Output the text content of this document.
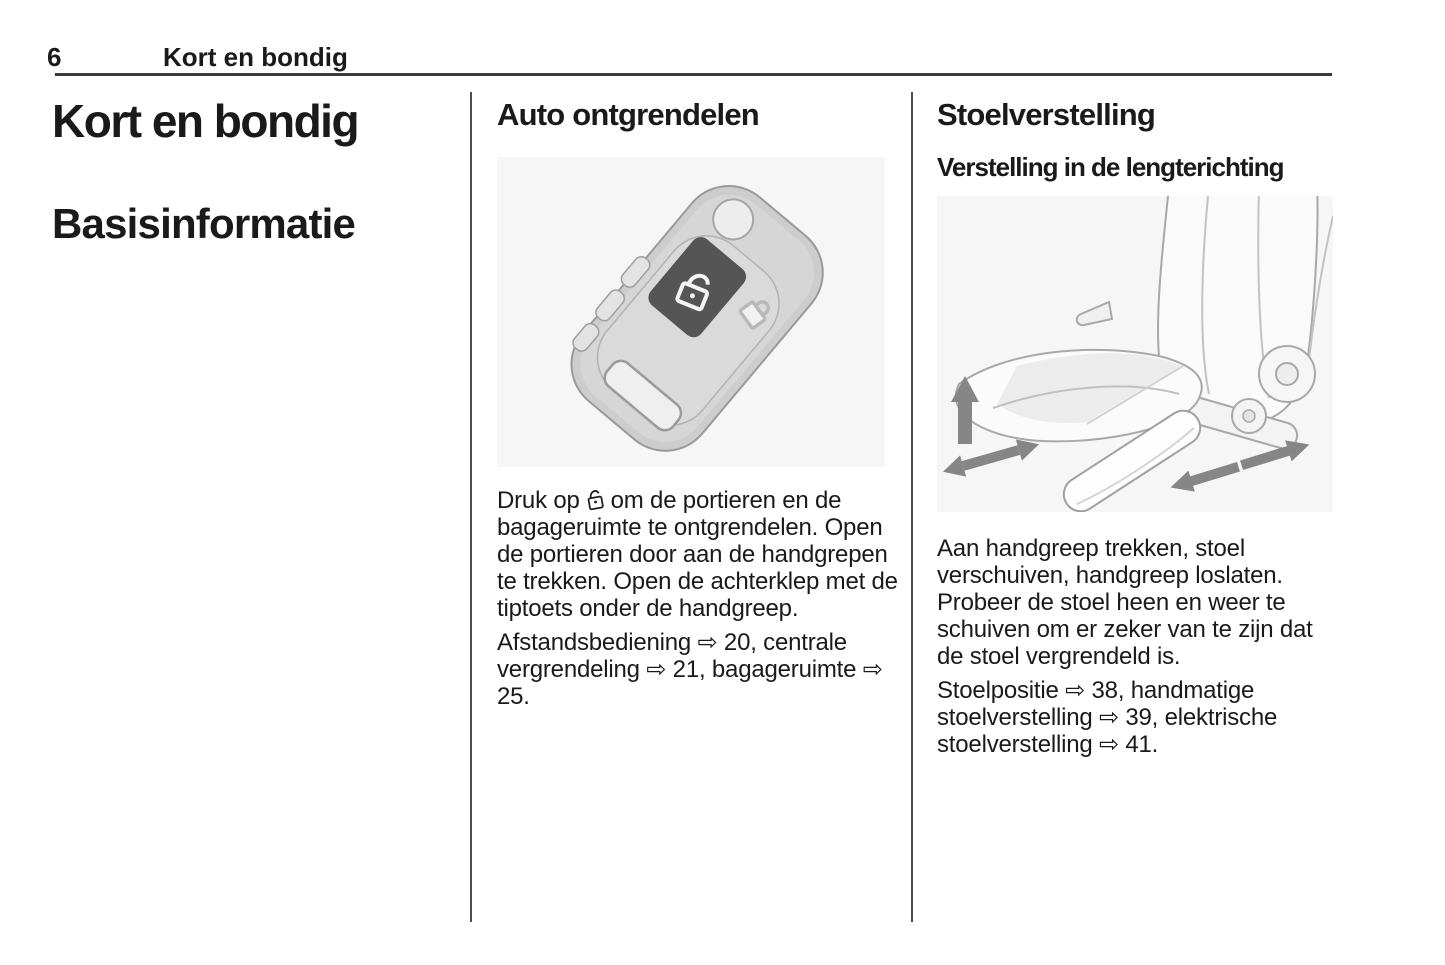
6	Kort en bondig
Kort en bondig
Basisinformatie
Auto ontgrendelen

Druk op om de portieren en de bagageruimte te ontgrendelen. Open de portieren door aan de handgrepen te trekken. Open de achterklep met de tiptoets onder de handgreep.

Afstandsbediening ⇨ 20, centrale vergrendeling ⇨ 21, bagageruimte ⇨ 25.

Stoelverstelling
Verstelling in de lengterichting

Aan handgreep trekken, stoel verschuiven, handgreep loslaten. Probeer de stoel heen en weer te schuiven om er zeker van te zijn dat de stoel vergrendeld is.

Stoelpositie ⇨ 38, handmatige stoelverstelling ⇨ 39, elektrische stoelverstelling ⇨ 41.
